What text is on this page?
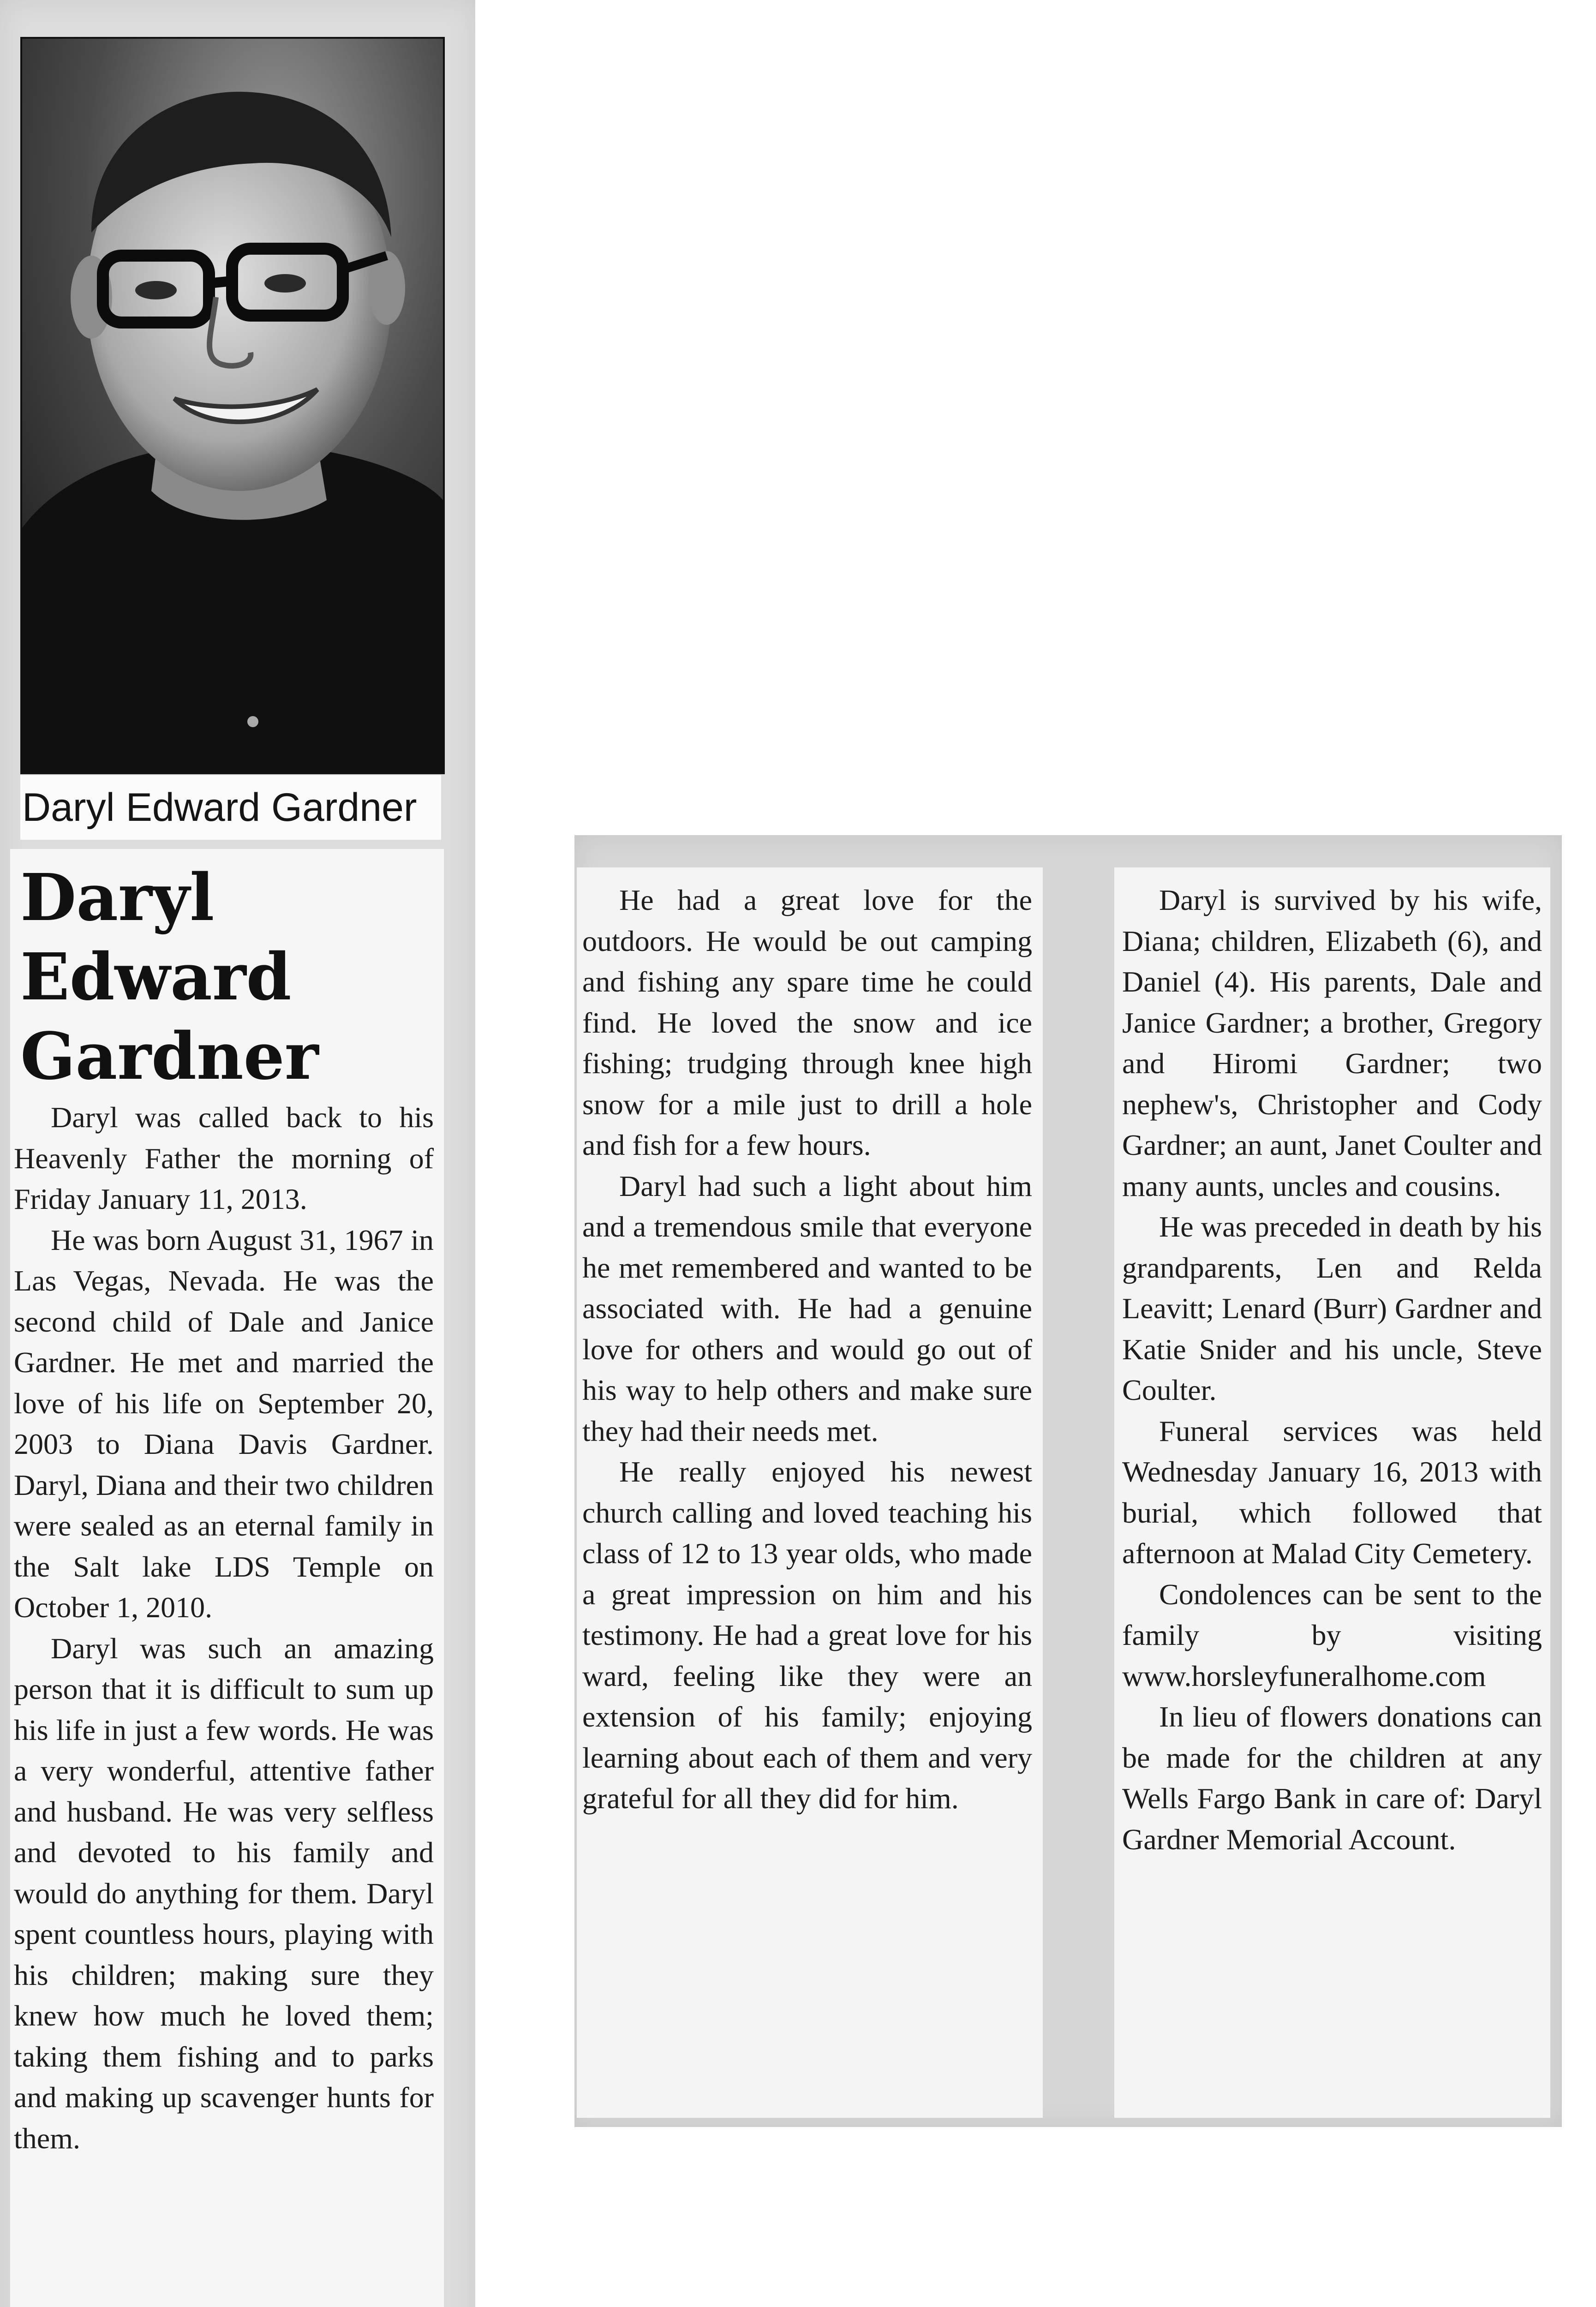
Daryl Edward Gardner
Daryl
Edward
Gardner

Daryl was called back to his Heavenly Father the morning of Friday January 11, 2013.

He was born August 31, 1967 in Las Vegas, Nevada. He was the second child of Dale and Janice Gardner. He met and married the love of his life on September 20, 2003 to Diana Davis Gardner. Daryl, Diana and their two children were sealed as an eternal family in the Salt lake LDS Temple on October 1, 2010.

Daryl was such an amazing person that it is difficult to sum up his life in just a few words. He was a very wonderful, attentive father and husband. He was very selfless and devoted to his family and would do anything for them. Daryl spent countless hours, playing with his children; making sure they knew how much he loved them; taking them fishing and to parks and making up scavenger hunts for them.

He had a great love for the outdoors. He would be out camping and fishing any spare time he could find. He loved the snow and ice fishing; trudging through knee high snow for a mile just to drill a hole and fish for a few hours.

Daryl had such a light about him and a tremendous smile that everyone he met remembered and wanted to be associated with. He had a genuine love for others and would go out of his way to help others and make sure they had their needs met.

He really enjoyed his newest church calling and loved teaching his class of 12 to 13 year olds, who made a great impression on him and his testimony. He had a great love for his ward, feeling like they were an extension of his family; enjoying learning about each of them and very grateful for all they did for him.

Daryl is survived by his wife, Diana; children, Elizabeth (6), and Daniel (4). His parents, Dale and Janice Gardner; a brother, Gregory and Hiromi Gardner; two nephew's, Christopher and Cody Gardner; an aunt, Janet Coulter and many aunts, uncles and cousins.

He was preceded in death by his grandparents, Len and Relda Leavitt; Lenard (Burr) Gardner and Katie Snider and his uncle, Steve Coulter.

Funeral services was held Wednesday January 16, 2013 with burial, which followed that afternoon at Malad City Cemetery.

Condolences can be sent to the family by visiting www.horsleyfuneralhome.com

In lieu of flowers donations can be made for the children at any Wells Fargo Bank in care of: Daryl Gardner Memorial Account.
